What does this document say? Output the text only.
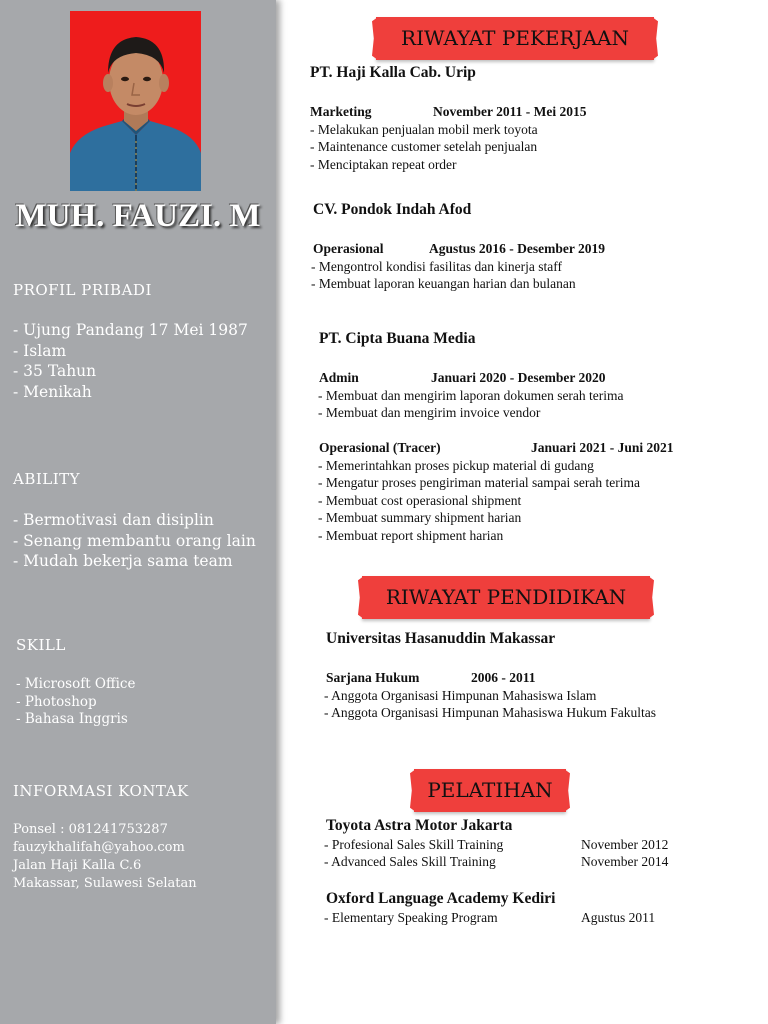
MUH. FAUZI. M
PROFIL PRIBADI
- Ujung Pandang 17 Mei 1987
- Islam
- 35 Tahun
- Menikah
ABILITY
- Bermotivasi dan disiplin
- Senang membantu orang lain
- Mudah bekerja sama team
SKILL
- Microsoft Office
- Photoshop
- Bahasa Inggris
INFORMASI KONTAK
Ponsel : 081241753287
fauzykhalifah@yahoo.com
Jalan Haji Kalla C.6
Makassar, Sulawesi Selatan
RIWAYAT PEKERJAAN
PT. Haji Kalla Cab. Urip
Marketing	November 2011 - Mei 2015
- Melakukan penjualan mobil merk toyota
- Maintenance customer setelah penjualan
- Menciptakan repeat order
CV. Pondok Indah Afod
Operasional	Agustus 2016 - Desember 2019
- Mengontrol kondisi fasilitas dan kinerja staff
- Membuat laporan keuangan harian dan bulanan
PT. Cipta Buana Media
Admin	Januari 2020 - Desember 2020
- Membuat dan mengirim laporan dokumen serah terima
- Membuat dan mengirim invoice vendor
Operasional (Tracer)	Januari 2021 - Juni 2021
- Memerintahkan proses pickup material di gudang
- Mengatur proses pengiriman material sampai serah terima
- Membuat cost operasional shipment
- Membuat summary shipment harian
- Membuat report shipment harian
RIWAYAT PENDIDIKAN
Universitas Hasanuddin Makassar
Sarjana Hukum	2006 - 2011
- Anggota Organisasi Himpunan Mahasiswa Islam
- Anggota Organisasi Himpunan Mahasiswa Hukum Fakultas
PELATIHAN
Toyota Astra Motor Jakarta
- Profesional Sales Skill Training	November 2012
- Advanced Sales Skill Training	November 2014
Oxford Language Academy Kediri
- Elementary Speaking Program	Agustus 2011
